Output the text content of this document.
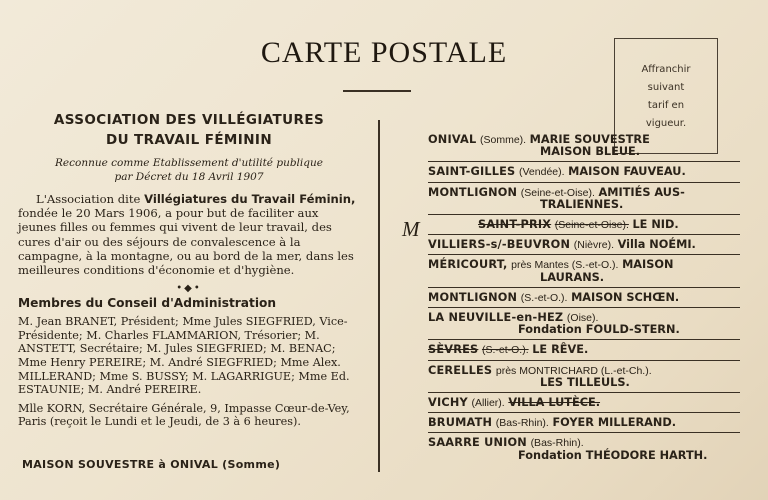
CARTE POSTALE
Affranchir
suivant
tarif en
vigueur.
ASSOCIATION DES VILLÉGIATURES
DU TRAVAIL FÉMININ
Reconnue comme Etablissement d'utilité publique
par Décret du 18 Avril 1907
L'Association dite Villégiatures du Travail Féminin, fondée le 20 Mars 1906, a pour but de faciliter aux jeunes filles ou femmes qui vivent de leur travail, des cures d'air ou des séjours de convalescence à la campagne, à la montagne, ou au bord de la mer, dans les meilleures conditions d'économie et d'hygiène.
•◆•
Membres du Conseil d'Administration
M. Jean BRANET, Président; Mme Jules SIEGFRIED, Vice-Présidente; M. Charles FLAMMARION, Trésorier; M. ANSTETT, Secrétaire; M. Jules SIEGFRIED; M. BENAC; Mme Henry PEREIRE; M. André SIEGFRIED; Mme Alex. MILLERAND; Mme S. BUSSY; M. LAGARRIGUE; Mme Ed. ESTAUNIE; M. André PEREIRE.
Mlle KORN, Secrétaire Générale, 9, Impasse Cœur-de-Vey, Paris (reçoit le Lundi et le Jeudi, de 3 à 6 heures).
MAISON SOUVESTRE à ONIVAL (Somme)
M
ONIVAL (Somme). MARIE SOUVESTRE
MAISON BLEUE.
SAINT-GILLES (Vendée). MAISON FAUVEAU.
MONTLIGNON (Seine-et-Oise). AMITIÉS AUS-
TRALIENNES.
SAINT-PRIX (Seine-et-Oise). LE NID.
VILLIERS-s/-BEUVRON (Nièvre). Villa NOÉMI.
MÉRICOURT, près Mantes (S.-et-O.). MAISON
LAURANS.
MONTLIGNON (S.-et-O.). MAISON SCHŒN.
LA NEUVILLE-en-HEZ (Oise).
Fondation FOULD-STERN.
SÈVRES (S.-et-O.). LE RÊVE.
CERELLES près MONTRICHARD (L.-et-Ch.).
LES TILLEULS.
VICHY (Allier). VILLA LUTÈCE.
BRUMATH (Bas-Rhin). FOYER MILLERAND.
SAARRE UNION (Bas-Rhin).
Fondation THÉODORE HARTH.
